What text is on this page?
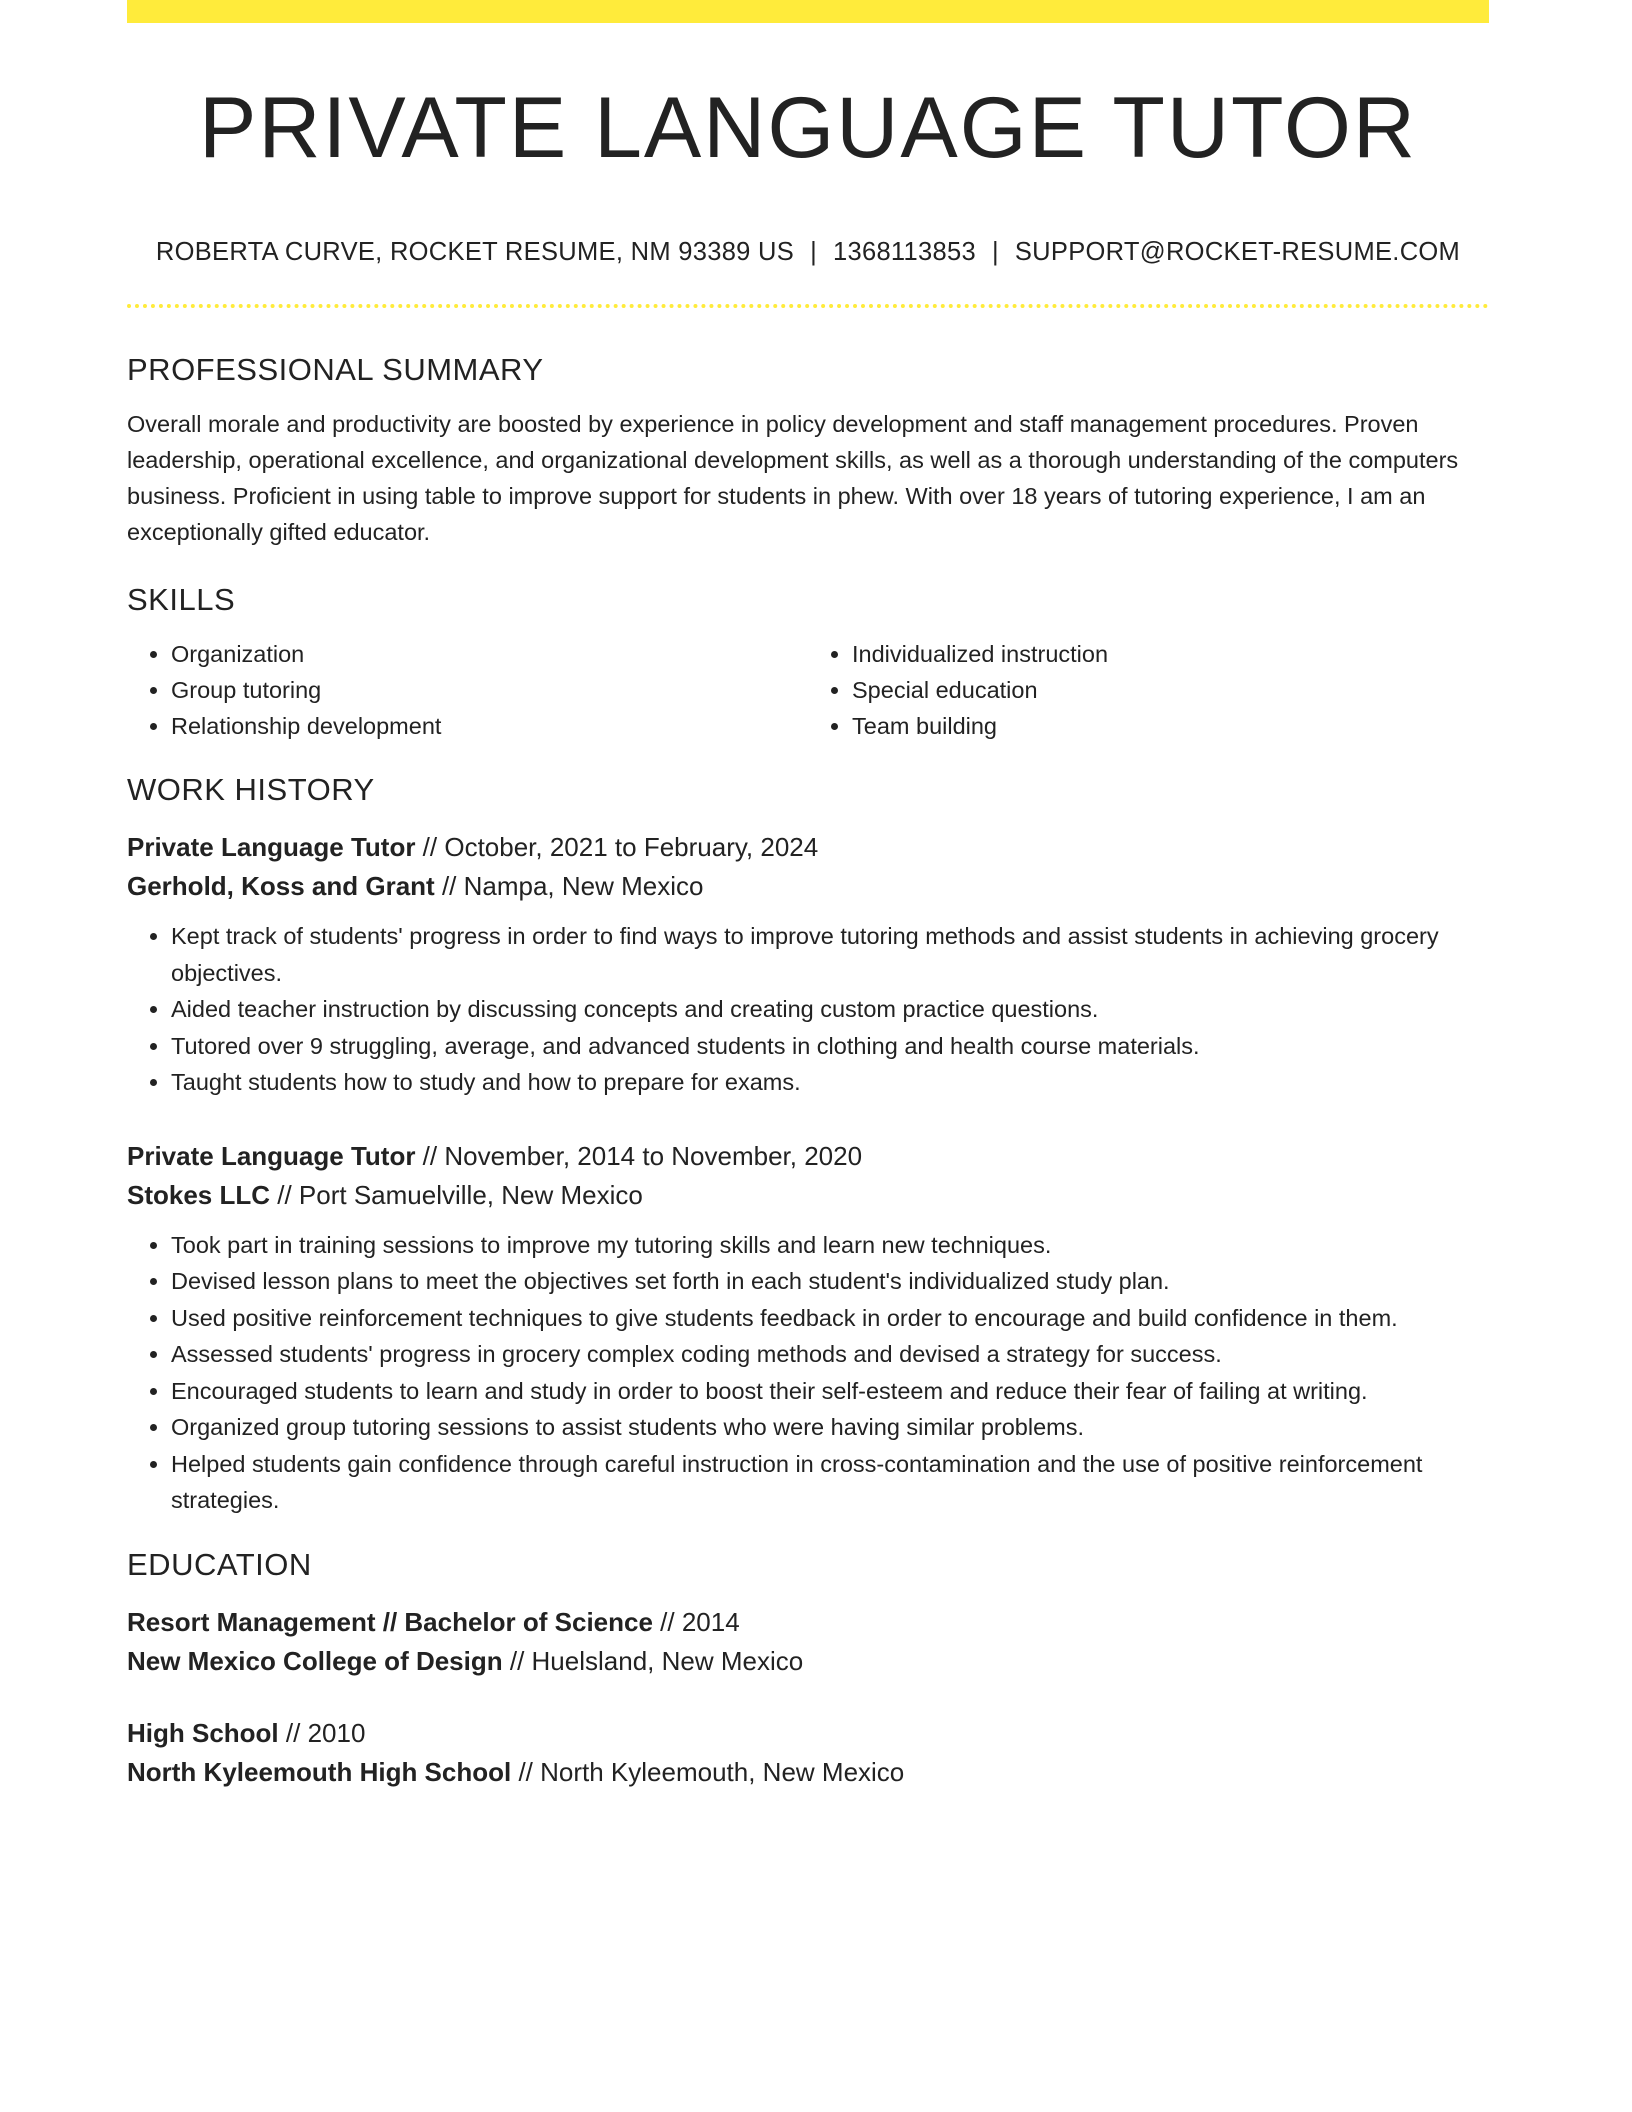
PRIVATE LANGUAGE TUTOR
ROBERTA CURVE, ROCKET RESUME, NM 93389 US | 1368113853 | SUPPORT@ROCKET-RESUME.COM
PROFESSIONAL SUMMARY

Overall morale and productivity are boosted by experience in policy development and staff management procedures. Proven leadership, operational excellence, and organizational development skills, as well as a thorough understanding of the computers business. Proficient in using table to improve support for students in phew. With over 18 years of tutoring experience, I am an exceptionally gifted educator.

SKILLS
• Organization
• Group tutoring
• Relationship development
• Individualized instruction
• Special education
• Team building
WORK HISTORY
Private Language Tutor // October, 2021 to February, 2024
Gerhold, Koss and Grant // Nampa, New Mexico
• Kept track of students' progress in order to find ways to improve tutoring methods and assist students in achieving grocery objectives.
• Aided teacher instruction by discussing concepts and creating custom practice questions.
• Tutored over 9 struggling, average, and advanced students in clothing and health course materials.
• Taught students how to study and how to prepare for exams.
Private Language Tutor // November, 2014 to November, 2020
Stokes LLC // Port Samuelville, New Mexico
• Took part in training sessions to improve my tutoring skills and learn new techniques.
• Devised lesson plans to meet the objectives set forth in each student's individualized study plan.
• Used positive reinforcement techniques to give students feedback in order to encourage and build confidence in them.
• Assessed students' progress in grocery complex coding methods and devised a strategy for success.
• Encouraged students to learn and study in order to boost their self-esteem and reduce their fear of failing at writing.
• Organized group tutoring sessions to assist students who were having similar problems.
• Helped students gain confidence through careful instruction in cross-contamination and the use of positive reinforcement strategies.
EDUCATION
Resort Management // Bachelor of Science // 2014
New Mexico College of Design // Huelsland, New Mexico
High School // 2010
North Kyleemouth High School // North Kyleemouth, New Mexico
